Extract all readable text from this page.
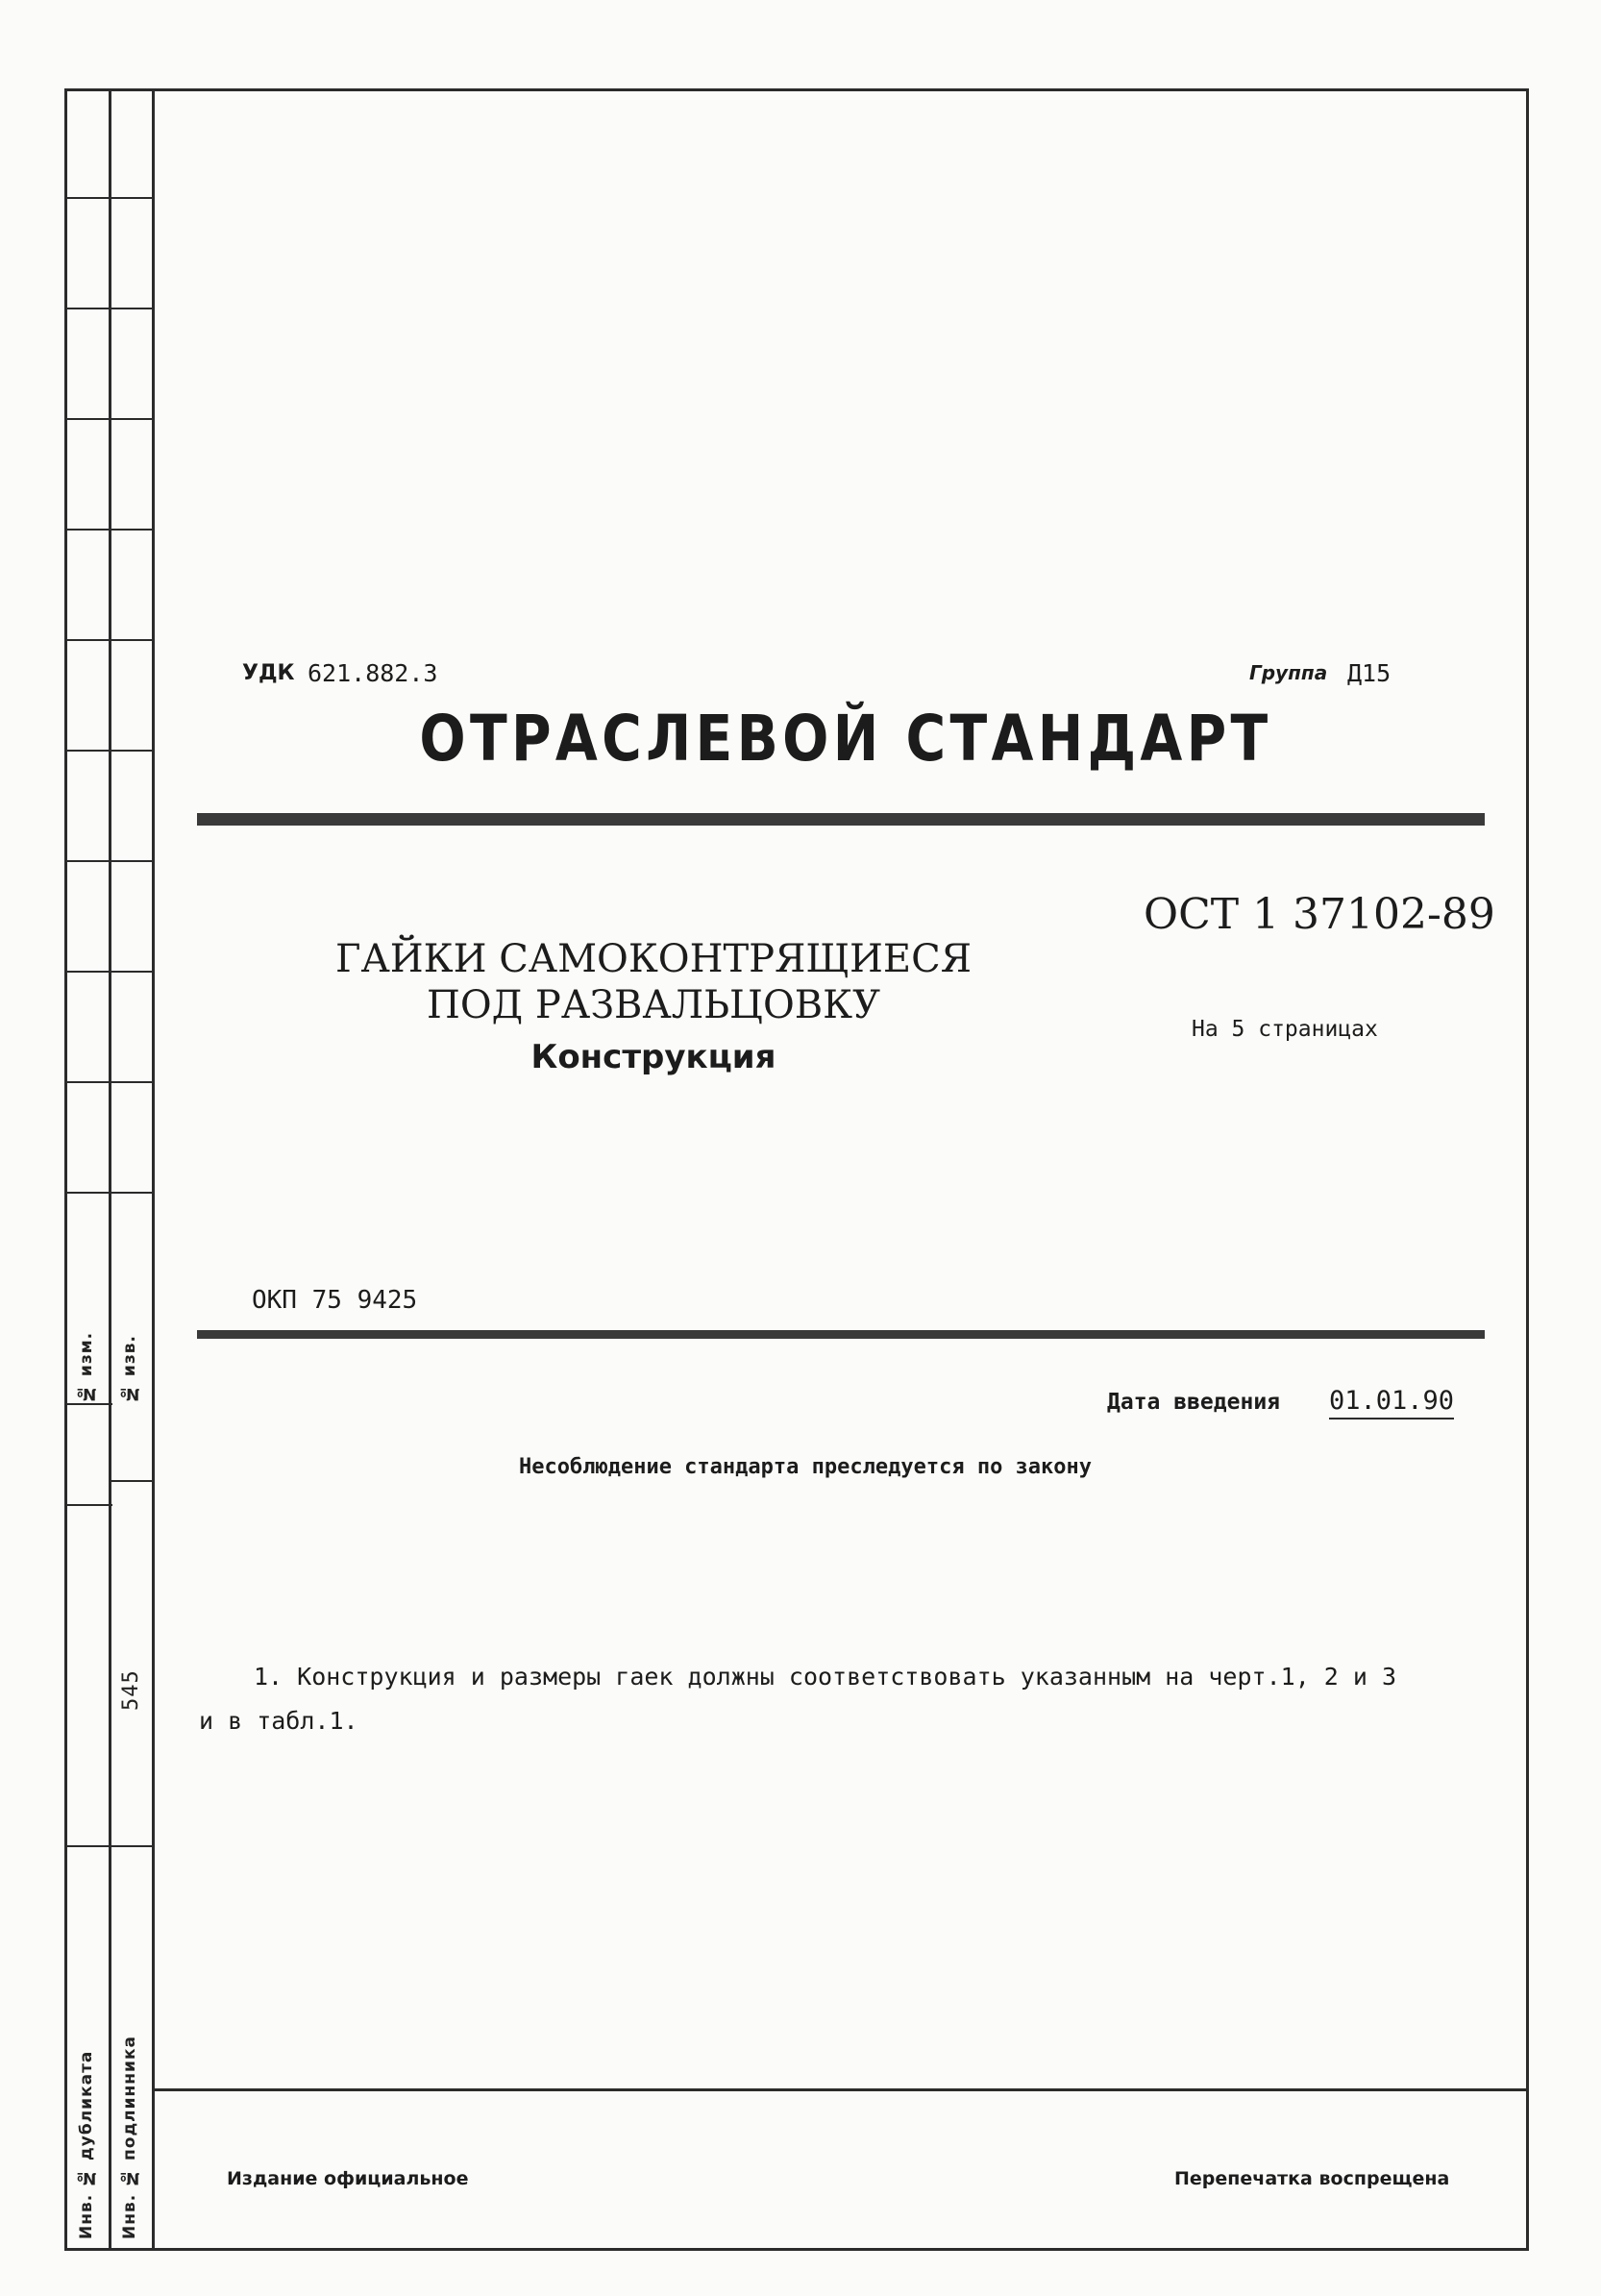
№ изм. № изв.
545
Инв. № дубликата Инв. № подлинника
УДК 621.882.3	Группа Д15
ОТРАСЛЕВОЙ СТАНДАРТ
ГАЙКИ САМОКОНТРЯЩИЕСЯ
ПОД РАЗВАЛЬЦОВКУ
Конструкция
ОСТ 1 37102-89
На 5 страницах
ОКП 75 9425
Дата введения 01.01.90
Несоблюдение стандарта преследуется по закону
1. Конструкция и размеры гаек должны соответствовать указанным на черт.1, 2 и 3
и в табл.1.
Издание официальное	Перепечатка воспрещена
